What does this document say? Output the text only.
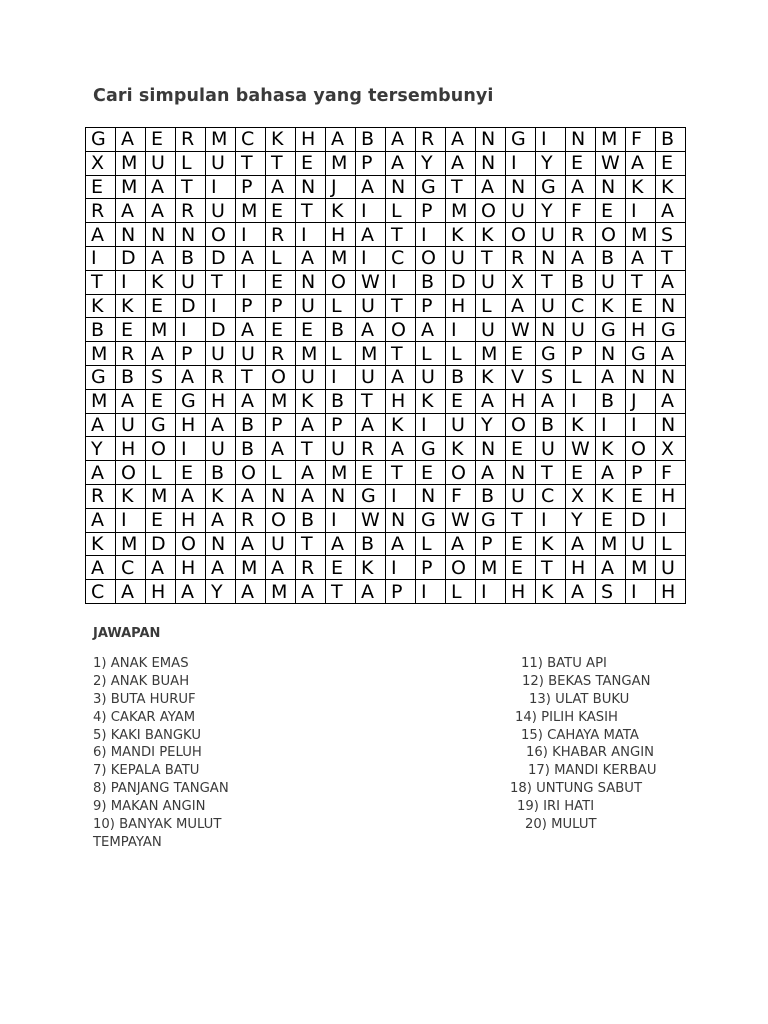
Cari simpulan bahasa yang tersembunyi
G	A	E	R	M	C	K	H	A	B	A	R	A	N	G	I	N	M	F	B
X	M	U	L	U	T	T	E	M	P	A	Y	A	N	I	Y	E	W	A	E
E	M	A	T	I	P	A	N	J	A	N	G	T	A	N	G	A	N	K	K
R	A	A	R	U	M	E	T	K	I	L	P	M	O	U	Y	F	E	I	A
A	N	N	N	O	I	R	I	H	A	T	I	K	K	O	U	R	O	M	S
I	D	A	B	D	A	L	A	M	I	C	O	U	T	R	N	A	B	A	T
T	I	K	U	T	I	E	N	O	W	I	B	D	U	X	T	B	U	T	A
K	K	E	D	I	P	P	U	L	U	T	P	H	L	A	U	C	K	E	N
B	E	M	I	D	A	E	E	B	A	O	A	I	U	W	N	U	G	H	G
M	R	A	P	U	U	R	M	L	M	T	L	L	M	E	G	P	N	G	A
G	B	S	A	R	T	O	U	I	U	A	U	B	K	V	S	L	A	N	N
M	A	E	G	H	A	M	K	B	T	H	K	E	A	H	A	I	B	J	A
A	U	G	H	A	B	P	A	P	A	K	I	U	Y	O	B	K	I	I	N
Y	H	O	I	U	B	A	T	U	R	A	G	K	N	E	U	W	K	O	X
A	O	L	E	B	O	L	A	M	E	T	E	O	A	N	T	E	A	P	F
R	K	M	A	K	A	N	A	N	G	I	N	F	B	U	C	X	K	E	H
A	I	E	H	A	R	O	B	I	W	N	G	W	G	T	I	Y	E	D	I
K	M	D	O	N	A	U	T	A	B	A	L	A	P	E	K	A	M	U	L
A	C	A	H	A	M	A	R	E	K	I	P	O	M	E	T	H	A	M	U
C	A	H	A	Y	A	M	A	T	A	P	I	L	I	H	K	A	S	I	H
JAWAPAN
1) ANAK EMAS
2) ANAK BUAH
3) BUTA HURUF
4) CAKAR AYAM
5) KAKI BANGKU
6) MANDI PELUH
7) KEPALA BATU
8) PANJANG TANGAN
9) MAKAN ANGIN
10) BANYAK MULUT
TEMPAYAN
11) BATU API
12) BEKAS TANGAN
13) ULAT BUKU
14) PILIH KASIH
15) CAHAYA MATA
16) KHABAR ANGIN
17) MANDI KERBAU
18) UNTUNG SABUT
19) IRI HATI
20) MULUT
